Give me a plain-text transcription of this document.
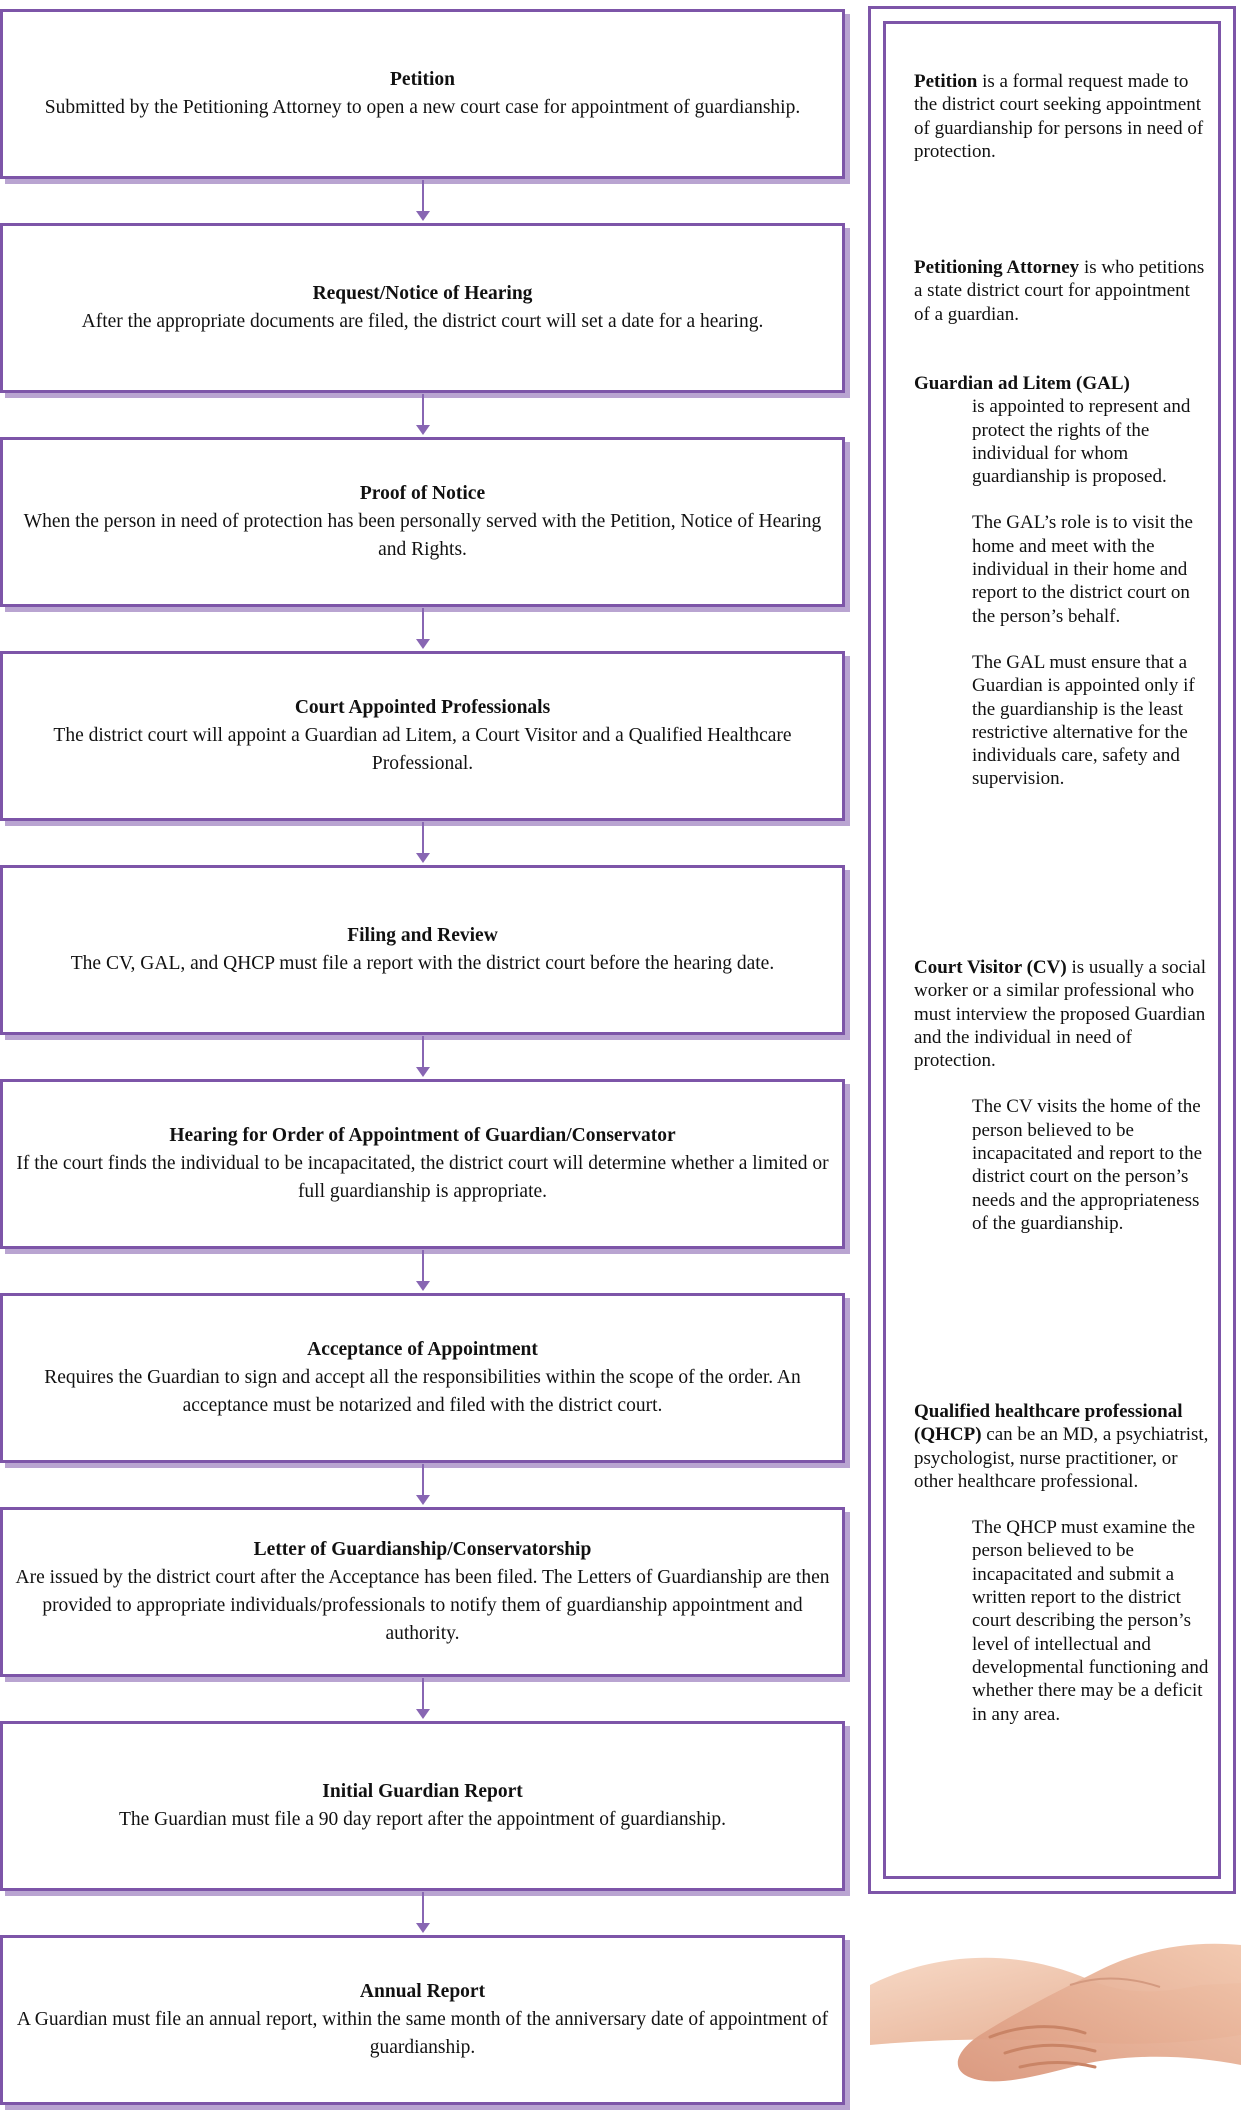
Petition
Submitted by the Petitioning Attorney to open a new court case for appointment of guardianship.
Request/Notice of Hearing
After the appropriate documents are filed, the district court will set a date for a hearing.
Proof of Notice
When the person in need of protection has been personally served with the Petition, Notice of Hearing and Rights.
Court Appointed Professionals
The district court will appoint a Guardian ad Litem, a Court Visitor and a Qualified Healthcare Professional.
Filing and Review
The CV, GAL, and QHCP must file a report with the district court before the hearing date.
Hearing for Order of Appointment of Guardian/Conservator
If the court finds the individual to be incapacitated, the district court will determine whether a limited or full guardianship is appropriate.
Acceptance of Appointment
Requires the Guardian to sign and accept all the responsibilities within the scope of the order. An acceptance must be notarized and filed with the district court.
Letter of Guardianship/Conservatorship
Are issued by the district court after the Acceptance has been filed. The Letters of Guardianship are then provided to appropriate individuals/professionals to notify them of guardianship appointment and authority.
Initial Guardian Report
The Guardian must file a 90 day report after the appointment of guardianship.
Annual Report
A Guardian must file an annual report, within the same month of the anniversary date of appointment of guardianship.
Petition is a formal request made to the district court seeking appointment of guardianship for persons in need of protection.
Petitioning Attorney is who petitions a state district court for appointment of a guardian.
Guardian ad Litem (GAL)
is appointed to represent and protect the rights of the individual for whom guardianship is proposed.
The GAL’s role is to visit the home and meet with the individual in their home and report to the district court on the person’s behalf.
The GAL must ensure that a Guardian is appointed only if the guardianship is the least restrictive alternative for the individuals care, safety and supervision.
Court Visitor (CV) is usually a social worker or a similar professional who must interview the proposed Guardian and the individual in need of protection.
The CV visits the home of the person believed to be incapacitated and report to the district court on the person’s needs and the appropriateness of the guardianship.
Qualified healthcare professional (QHCP) can be an MD, a psychiatrist, psychologist, nurse practitioner, or other healthcare professional.
The QHCP must examine the person believed to be incapacitated and submit a written report to the district court describing the person’s level of intellectual and developmental functioning and whether there may be a deficit in any area.
